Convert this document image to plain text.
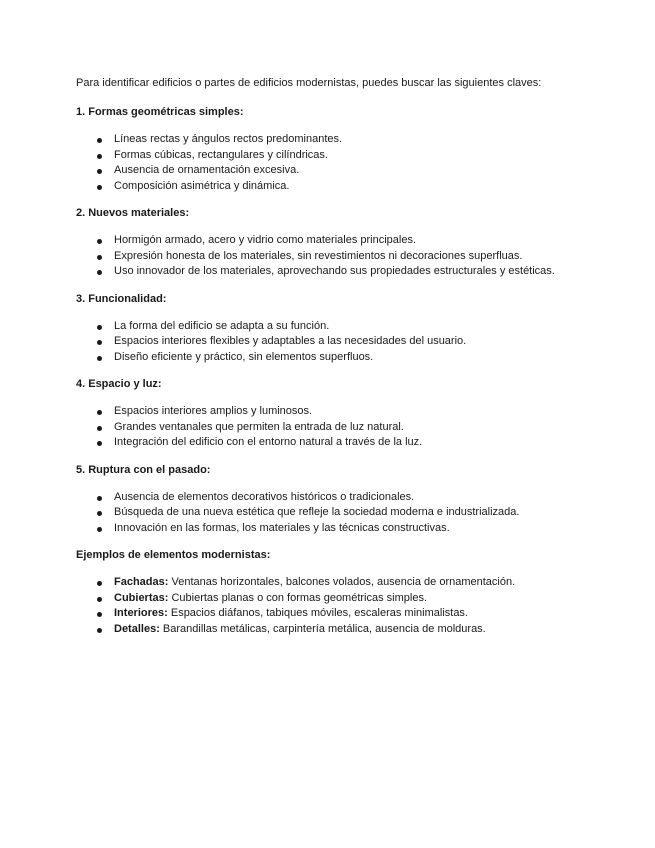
Para identificar edificios o partes de edificios modernistas, puedes buscar las siguientes claves:

1. Formas geométricas simples:
Líneas rectas y ángulos rectos predominantes.
Formas cúbicas, rectangulares y cilíndricas.
Ausencia de ornamentación excesiva.
Composición asimétrica y dinámica.
2. Nuevos materiales:
Hormigón armado, acero y vidrio como materiales principales.
Expresión honesta de los materiales, sin revestimientos ni decoraciones superfluas.
Uso innovador de los materiales, aprovechando sus propiedades estructurales y estéticas.
3. Funcionalidad:
La forma del edificio se adapta a su función.
Espacios interiores flexibles y adaptables a las necesidades del usuario.
Diseño eficiente y práctico, sin elementos superfluos.
4. Espacio y luz:
Espacios interiores amplios y luminosos.
Grandes ventanales que permiten la entrada de luz natural.
Integración del edificio con el entorno natural a través de la luz.
5. Ruptura con el pasado:
Ausencia de elementos decorativos históricos o tradicionales.
Búsqueda de una nueva estética que refleje la sociedad moderna e industrializada.
Innovación en las formas, los materiales y las técnicas constructivas.
Ejemplos de elementos modernistas:
Fachadas: Ventanas horizontales, balcones volados, ausencia de ornamentación.
Cubiertas: Cubiertas planas o con formas geométricas simples.
Interiores: Espacios diáfanos, tabiques móviles, escaleras minimalistas.
Detalles: Barandillas metálicas, carpintería metálica, ausencia de molduras.
